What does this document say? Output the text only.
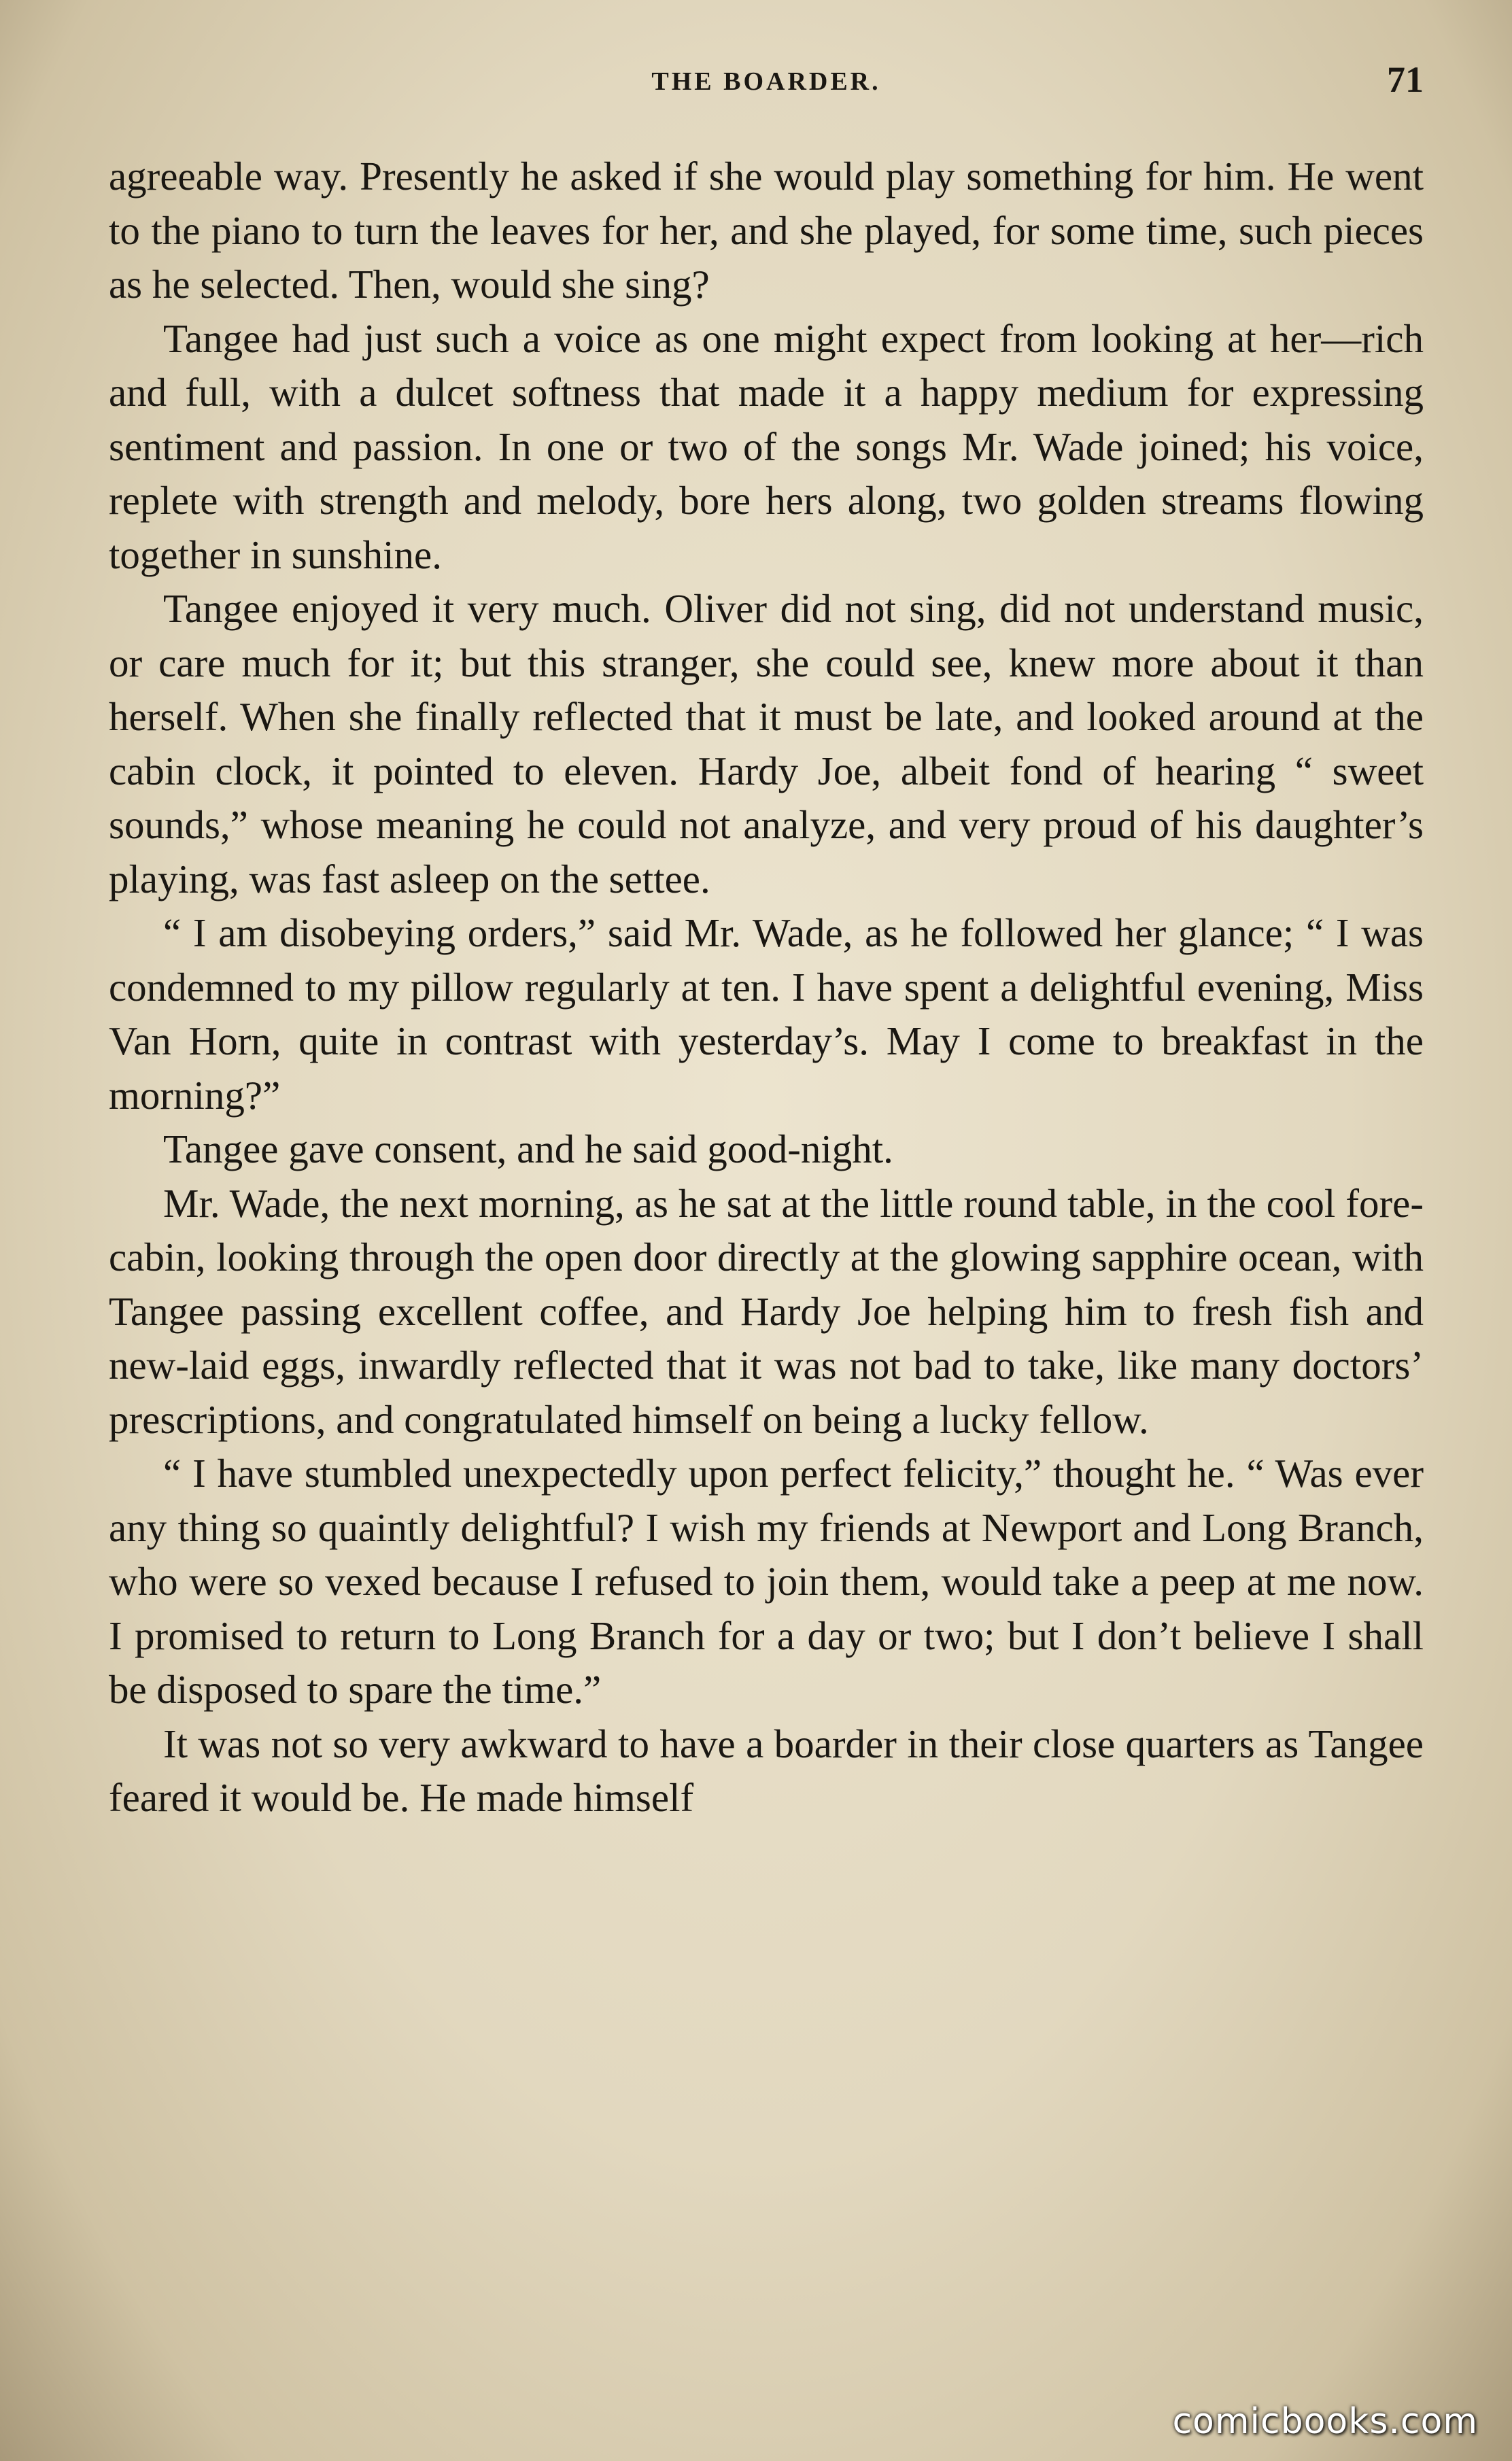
THE BOARDER.	71

agreeable way. Presently he asked if she would play something for him. He went to the piano to turn the leaves for her, and she played, for some time, such pieces as he selected. Then, would she sing?

Tangee had just such a voice as one might expect from looking at her—rich and full, with a dulcet softness that made it a happy medium for expressing sentiment and passion. In one or two of the songs Mr. Wade joined; his voice, replete with strength and melody, bore hers along, two golden streams flowing together in sunshine.

Tangee enjoyed it very much. Oliver did not sing, did not understand music, or care much for it; but this stranger, she could see, knew more about it than herself. When she finally reflected that it must be late, and looked around at the cabin clock, it pointed to eleven. Hardy Joe, albeit fond of hearing “ sweet sounds,” whose meaning he could not analyze, and very proud of his daughter’s playing, was fast asleep on the settee.

“ I am disobeying orders,” said Mr. Wade, as he followed her glance; “ I was condemned to my pillow regularly at ten. I have spent a delightful evening, Miss Van Horn, quite in contrast with yesterday’s. May I come to breakfast in the morning?”

Tangee gave consent, and he said good-night.

Mr. Wade, the next morning, as he sat at the little round table, in the cool fore-cabin, looking through the open door directly at the glowing sapphire ocean, with Tangee passing excellent coffee, and Hardy Joe helping him to fresh fish and new-laid eggs, inwardly reflected that it was not bad to take, like many doctors’ prescriptions, and congratulated himself on being a lucky fellow.

“ I have stumbled unexpectedly upon perfect felicity,” thought he. “ Was ever any thing so quaintly delightful? I wish my friends at Newport and Long Branch, who were so vexed because I refused to join them, would take a peep at me now. I promised to return to Long Branch for a day or two; but I don’t believe I shall be disposed to spare the time.”

It was not so very awkward to have a boarder in their close quarters as Tangee feared it would be. He made himself

comicbooks.com
